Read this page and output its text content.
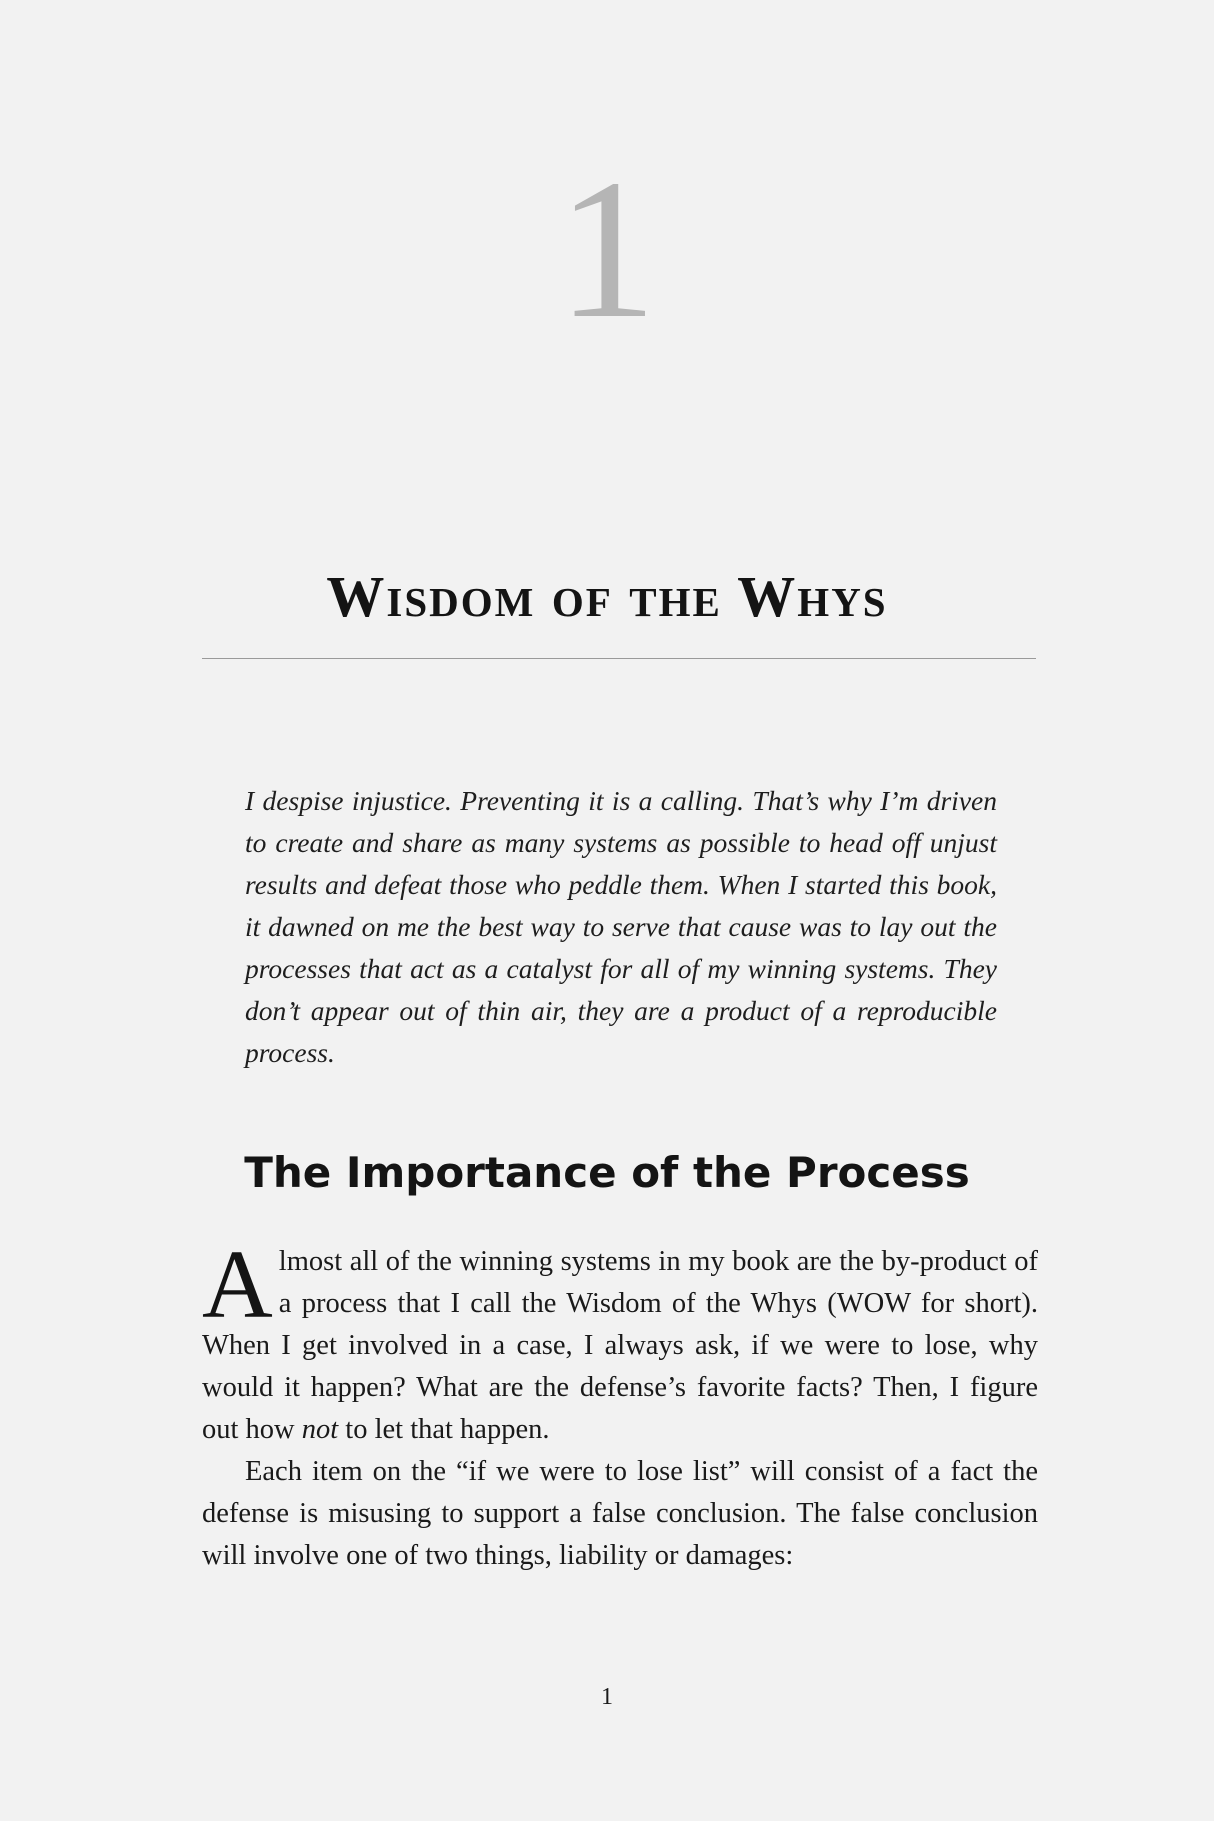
1
Wisdom of the Whys

I despise injustice. Preventing it is a calling. That’s why I’m driven to create and share as many systems as possible to head off unjust results and defeat those who peddle them. When I started this book, it dawned on me the best way to serve that cause was to lay out the processes that act as a catalyst for all of my winning systems. They don’t appear out of thin air, they are a product of a reproducible process.

The Importance of the Process

Almost all of the winning systems in my book are the by-product of a process that I call the Wisdom of the Whys (WOW for short). When I get involved in a case, I always ask, if we were to lose, why would it happen? What are the defense’s favorite facts? Then, I figure out how not to let that happen.

Each item on the “if we were to lose list” will consist of a fact the defense is misusing to support a false conclusion. The false conclusion will involve one of two things, liability or damages:

1
